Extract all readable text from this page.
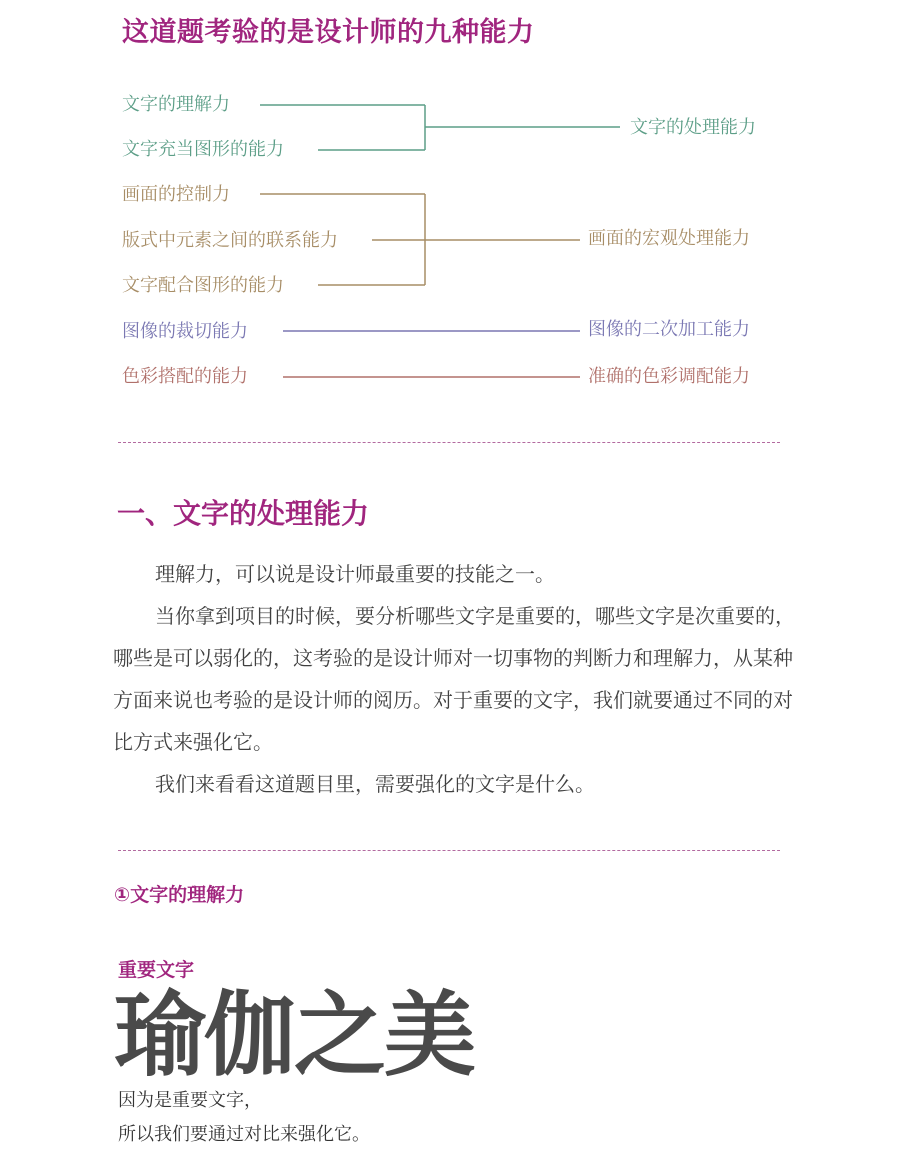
这道题考验的是设计师的九种能力
文字的理解力
文字充当图形的能力
文字的处理能力
画面的控制力
版式中元素之间的联系能力
文字配合图形的能力
画面的宏观处理能力
图像的裁切能力	图像的二次加工能力
色彩搭配的能力	准确的色彩调配能力
一、文字的处理能力
理解力，可以说是设计师最重要的技能之一。
当你拿到项目的时候，要分析哪些文字是重要的，哪些文字是次重要的，哪些是可以弱化的，这考验的是设计师对一切事物的判断力和理解力，从某种方面来说也考验的是设计师的阅历。对于重要的文字，我们就要通过不同的对比方式来强化它。
我们来看看这道题目里，需要强化的文字是什么。
①文字的理解力
重要文字
瑜伽之美
因为是重要文字，
所以我们要通过对比来强化它。
